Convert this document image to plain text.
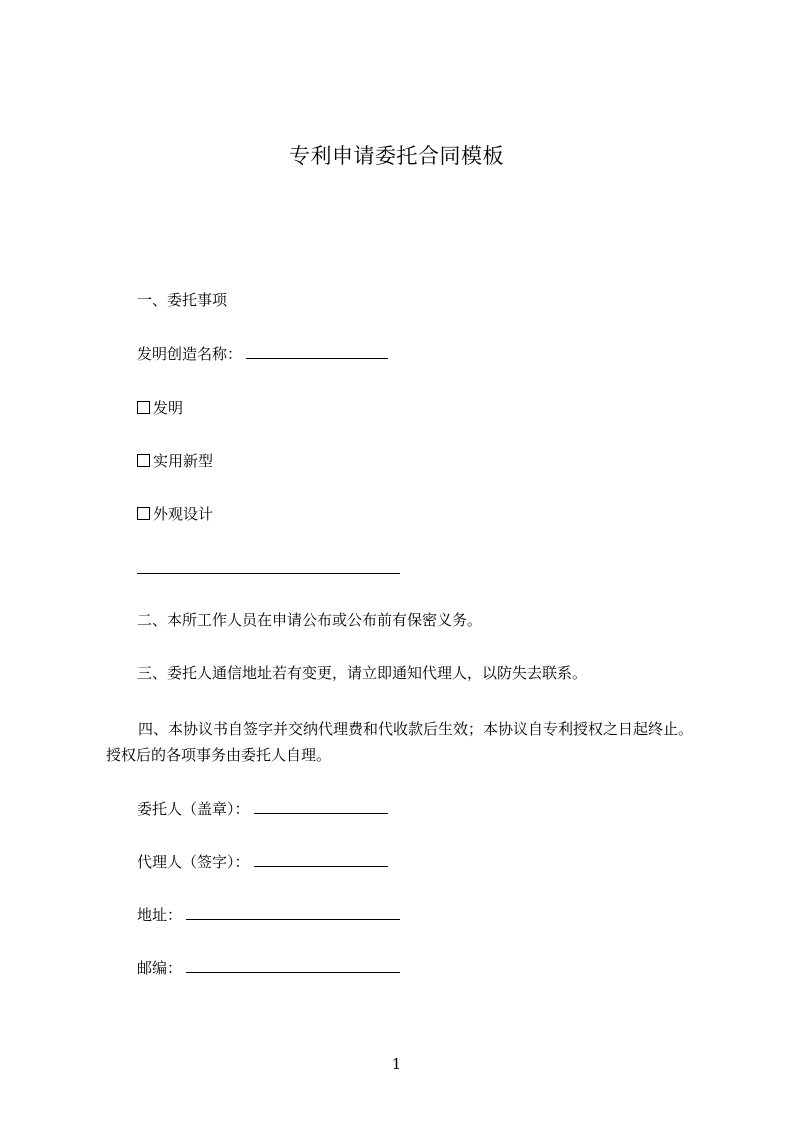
专利申请委托合同模板
一、委托事项
发明创造名称：
发明
实用新型
外观设计
二、本所工作人员在申请公布或公布前有保密义务。
三、委托人通信地址若有变更，请立即通知代理人，以防失去联系。
四、本协议书自签字并交纳代理费和代收款后生效；本协议自专利授权之日起终止。授权后的各项事务由委托人自理。
委托人（盖章）：
代理人（签字）：
地址：
邮编：
1
